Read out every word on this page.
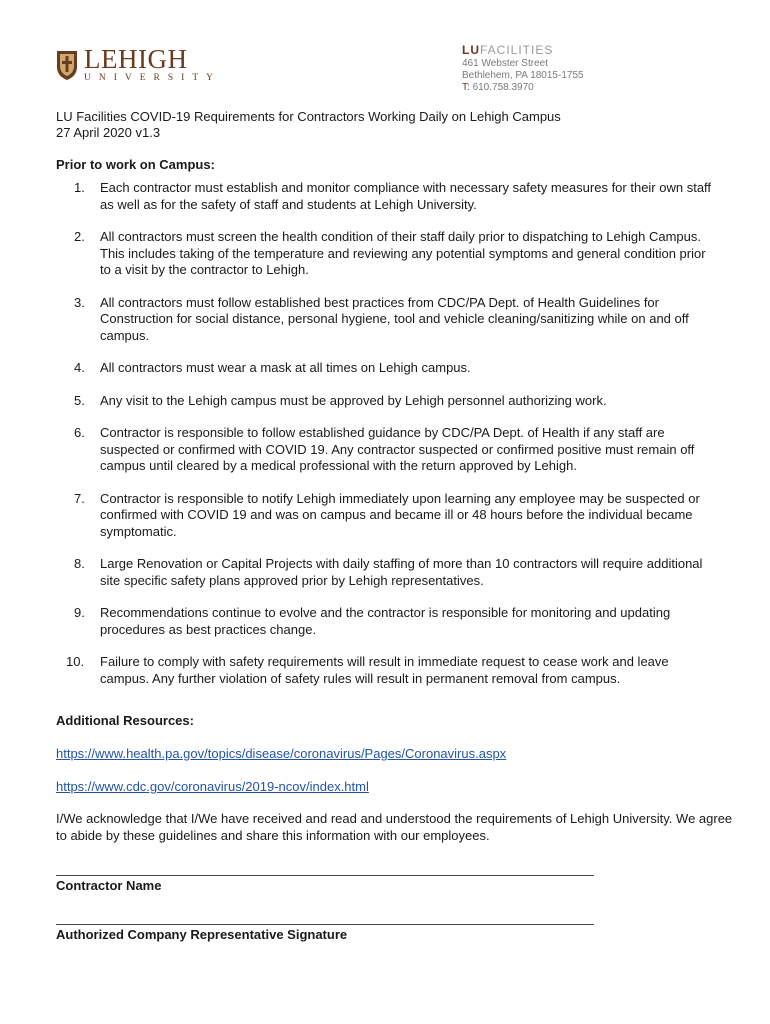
LEHIGH
UNIVERSITY
LUFACILITIES
461 Webster Street
Bethlehem, PA 18015-1755
T: 610.758.3970
LU Facilities COVID-19 Requirements for Contractors Working Daily on Lehigh Campus
27 April 2020 v1.3
Prior to work on Campus:
1. Each contractor must establish and monitor compliance with necessary safety measures for their own staff as well as for the safety of staff and students at Lehigh University.
2. All contractors must screen the health condition of their staff daily prior to dispatching to Lehigh Campus. This includes taking of the temperature and reviewing any potential symptoms and general condition prior to a visit by the contractor to Lehigh.
3. All contractors must follow established best practices from CDC/PA Dept. of Health Guidelines for Construction for social distance, personal hygiene, tool and vehicle cleaning/sanitizing while on and off campus.
4. All contractors must wear a mask at all times on Lehigh campus.
5. Any visit to the Lehigh campus must be approved by Lehigh personnel authorizing work.
6. Contractor is responsible to follow established guidance by CDC/PA Dept. of Health if any staff are suspected or confirmed with COVID 19. Any contractor suspected or confirmed positive must remain off campus until cleared by a medical professional with the return approved by Lehigh.
7. Contractor is responsible to notify Lehigh immediately upon learning any employee may be suspected or confirmed with COVID 19 and was on campus and became ill or 48 hours before the individual became symptomatic.
8. Large Renovation or Capital Projects with daily staffing of more than 10 contractors will require additional site specific safety plans approved prior by Lehigh representatives.
9. Recommendations continue to evolve and the contractor is responsible for monitoring and updating procedures as best practices change.
10. Failure to comply with safety requirements will result in immediate request to cease work and leave campus. Any further violation of safety rules will result in permanent removal from campus.
Additional Resources:
https://www.health.pa.gov/topics/disease/coronavirus/Pages/Coronavirus.aspx
https://www.cdc.gov/coronavirus/2019-ncov/index.html
I/We acknowledge that I/We have received and read and understood the requirements of Lehigh University. We agree to abide by these guidelines and share this information with our employees.
Contractor Name
Authorized Company Representative Signature
